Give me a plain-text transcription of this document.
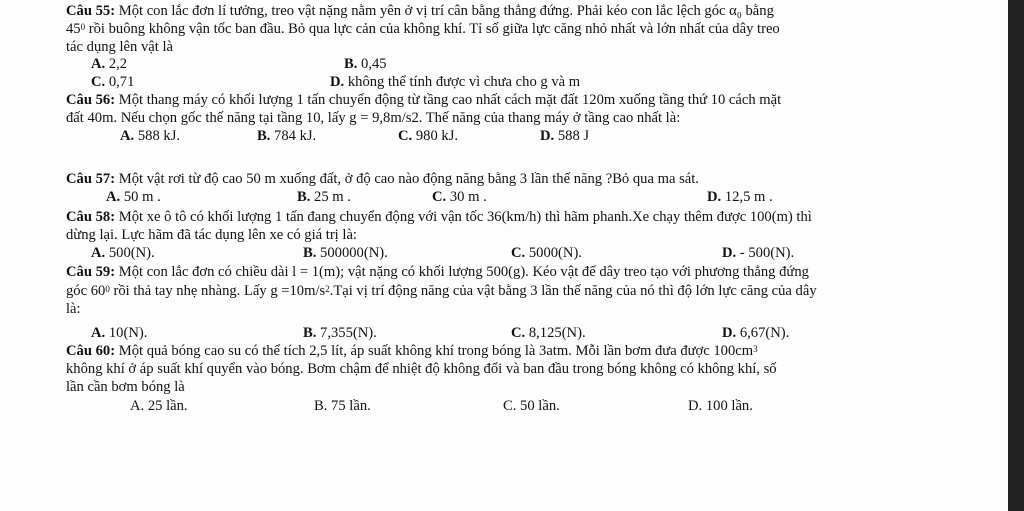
Câu 55: Một con lắc đơn lí tưởng, treo vật nặng nằm yên ở vị trí cân bằng thẳng đứng. Phải kéo con lắc lệch góc α₀ bằng
$45^0$ rồi buông không vận tốc ban đầu. Bỏ qua lực cản của không khí. Tỉ số giữa lực căng nhỏ nhất và lớn nhất của dây treo
tác dụng lên vật là
A. 2,2	B. 0,45
C. 0,71	D. không thể tính được vì chưa cho g và m
Câu 56: Một thang máy có khối lượng 1 tấn chuyển động từ tầng cao nhất cách mặt đất 120m xuống tầng thứ 10 cách mặt
đất 40m. Nếu chọn gốc thế năng tại tầng 10, lấy g = 9,8m/s2. Thế năng của thang máy ở tầng cao nhất là:
A. 588 kJ.	B. 784 kJ.	C. 980 kJ.	D. 588 J
Câu 57: Một vật rơi từ độ cao 50 m xuống đất, ở độ cao nào động năng bằng 3 lần thế năng ?Bỏ qua ma sát.
A. 50 m .	B. 25 m .	C. 30 m .	D. 12,5 m .
Câu 58: Một xe ô tô có khối lượng 1 tấn đang chuyển động với vận tốc 36(km/h) thì hãm phanh.Xe chạy thêm được 100(m) thì
dừng lại. Lực hãm đã tác dụng lên xe có giá trị là:
A. 500(N).	B. 500000(N).	C. 5000(N).	D. - 500(N).
Câu 59: Một con lắc đơn có chiều dài l = 1(m); vật nặng có khối lượng 500(g). Kéo vật để dây treo tạo với phương thẳng đứng
góc $60^0$ rồi thả tay nhẹ nhàng. Lấy $g =10m/s^2.Tại$ vị trí động năng của vật bằng 3 lần thế năng của nó thì độ lớn lực căng của dây
là:
A. 10(N).	B. 7,355(N).	C. 8,125(N).	D. 6,67(N).
Câu 60: Một quả bóng cao su có thể tích 2,5 lít, áp suất không khí trong bóng là 3atm. Mỗi lần bơm đưa được $100cm^3$
không khí ở áp suất khí quyển vào bóng. Bơm chậm để nhiệt độ không đổi và ban đầu trong bóng không có không khí, số
lần cần bơm bóng là
A. 25 lần.	B. 75 lần.	C. 50 lần.	D. 100 lần.
